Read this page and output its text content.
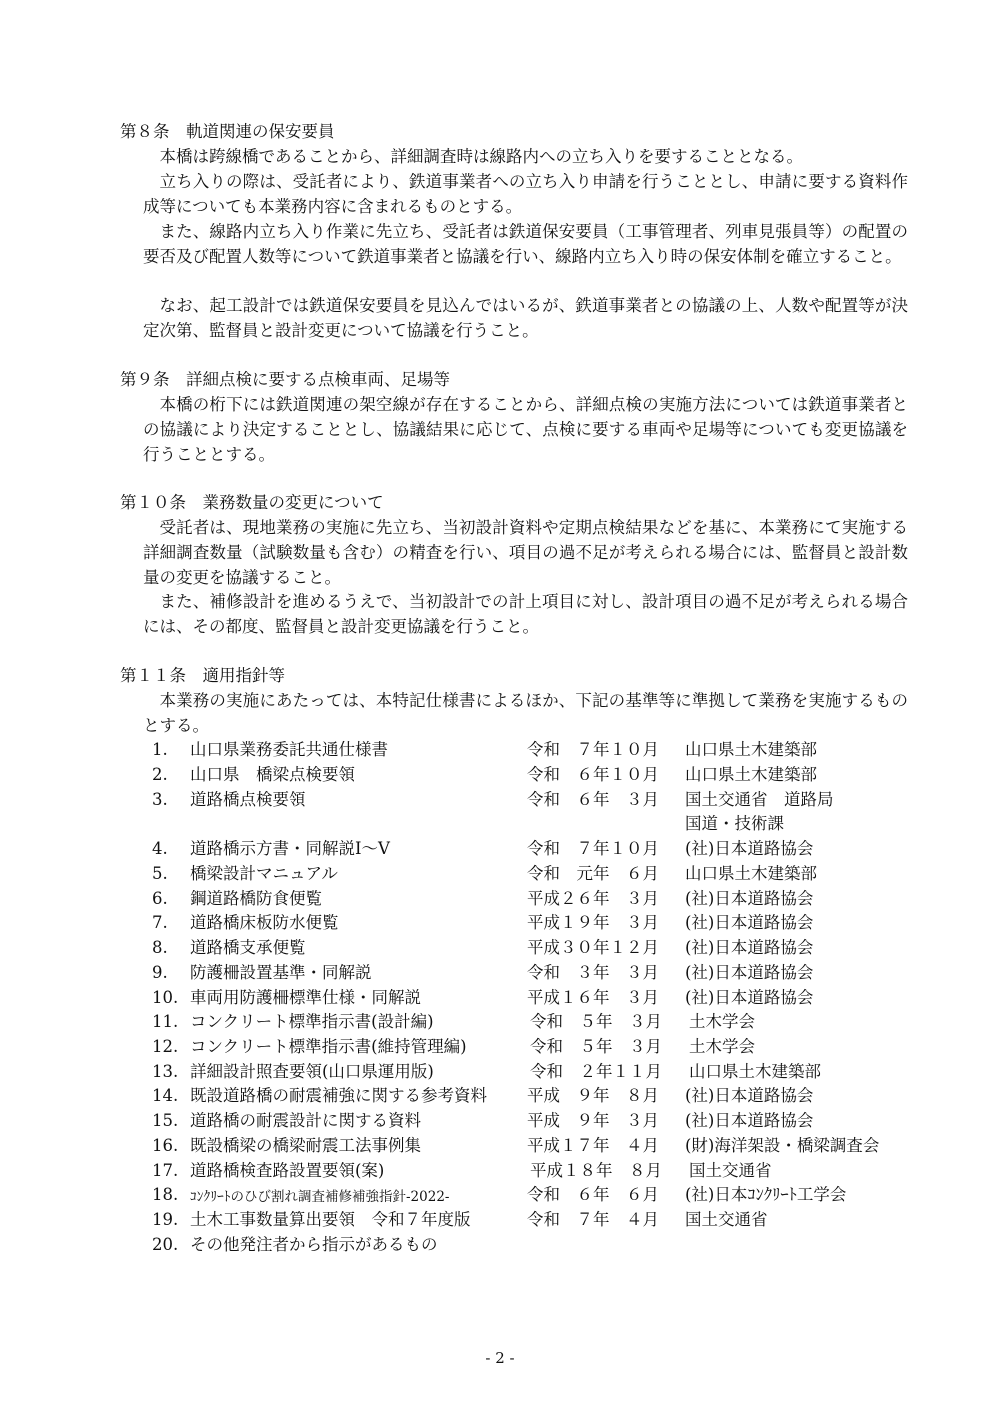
第８条　軌道関連の保安要員

本橋は跨線橋であることから、詳細調査時は線路内への立ち入りを要することとなる。

立ち入りの際は、受託者により、鉄道事業者への立ち入り申請を行うこととし、申請に要する資料作成等についても本業務内容に含まれるものとする。

また、線路内立ち入り作業に先立ち、受託者は鉄道保安要員（工事管理者、列車見張員等）の配置の要否及び配置人数等について鉄道事業者と協議を行い、線路内立ち入り時の保安体制を確立すること。

なお、起工設計では鉄道保安要員を見込んではいるが、鉄道事業者との協議の上、人数や配置等が決定次第、監督員と設計変更について協議を行うこと。

第９条　詳細点検に要する点検車両、足場等

本橋の桁下には鉄道関連の架空線が存在することから、詳細点検の実施方法については鉄道事業者との協議により決定することとし、協議結果に応じて、点検に要する車両や足場等についても変更協議を行うこととする。

第１０条　業務数量の変更について

受託者は、現地業務の実施に先立ち、当初設計資料や定期点検結果などを基に、本業務にて実施する詳細調査数量（試験数量も含む）の精査を行い、項目の過不足が考えられる場合には、監督員と設計数量の変更を協議すること。

また、補修設計を進めるうえで、当初設計での計上項目に対し、設計項目の過不足が考えられる場合には、その都度、監督員と設計変更協議を行うこと。

第１１条　適用指針等

本業務の実施にあたっては、本特記仕様書によるほか、下記の基準等に準拠して業務を実施するものとする。

1.	山口県業務委託共通仕様書	令和　７年１０月 山口県土木建築部
2.	山口県　橋梁点検要領	令和　６年１０月 山口県土木建築部
3.	道路橋点検要領	令和　６年　３月 国土交通省　道路局
国道・技術課
4.	道路橋示方書・同解説Ⅰ～Ⅴ	令和　７年１０月 (社)日本道路協会
5.	橋梁設計マニュアル	令和　元年　６月 山口県土木建築部
6.	鋼道路橋防食便覧	平成２６年　３月 (社)日本道路協会
7.	道路橋床板防水便覧	平成１９年　３月 (社)日本道路協会
8.	道路橋支承便覧	平成３０年１２月 (社)日本道路協会
9.	防護柵設置基準・同解説	令和　３年　３月 (社)日本道路協会
10. 車両用防護柵標準仕様・同解説	平成１６年　３月 (社)日本道路協会
11. コンクリート標準指示書(設計編)	令和　５年　３月 土木学会
12. コンクリート標準指示書(維持管理編)	令和　５年　３月 土木学会
13. 詳細設計照査要領(山口県運用版)	令和　２年１１月 山口県土木建築部
14. 既設道路橋の耐震補強に関する参考資料 平成　９年　８月 (社)日本道路協会
15. 道路橋の耐震設計に関する資料	平成　９年　３月 (社)日本道路協会
16. 既設橋梁の橋梁耐震工法事例集	平成１７年　４月 (財)海洋架設・橋梁調査会
17. 道路橋検査路設置要領(案)	平成１８年　８月 国土交通省
18. ｺﾝｸﾘｰﾄのひび割れ調査補修補強指針-2022-	令和　６年　６月 (社)日本ｺﾝｸﾘｰﾄ工学会
19. 土木工事数量算出要領　令和７年度版	令和　７年　４月 国土交通省
20. その他発注者から指示があるもの
- 2 -
